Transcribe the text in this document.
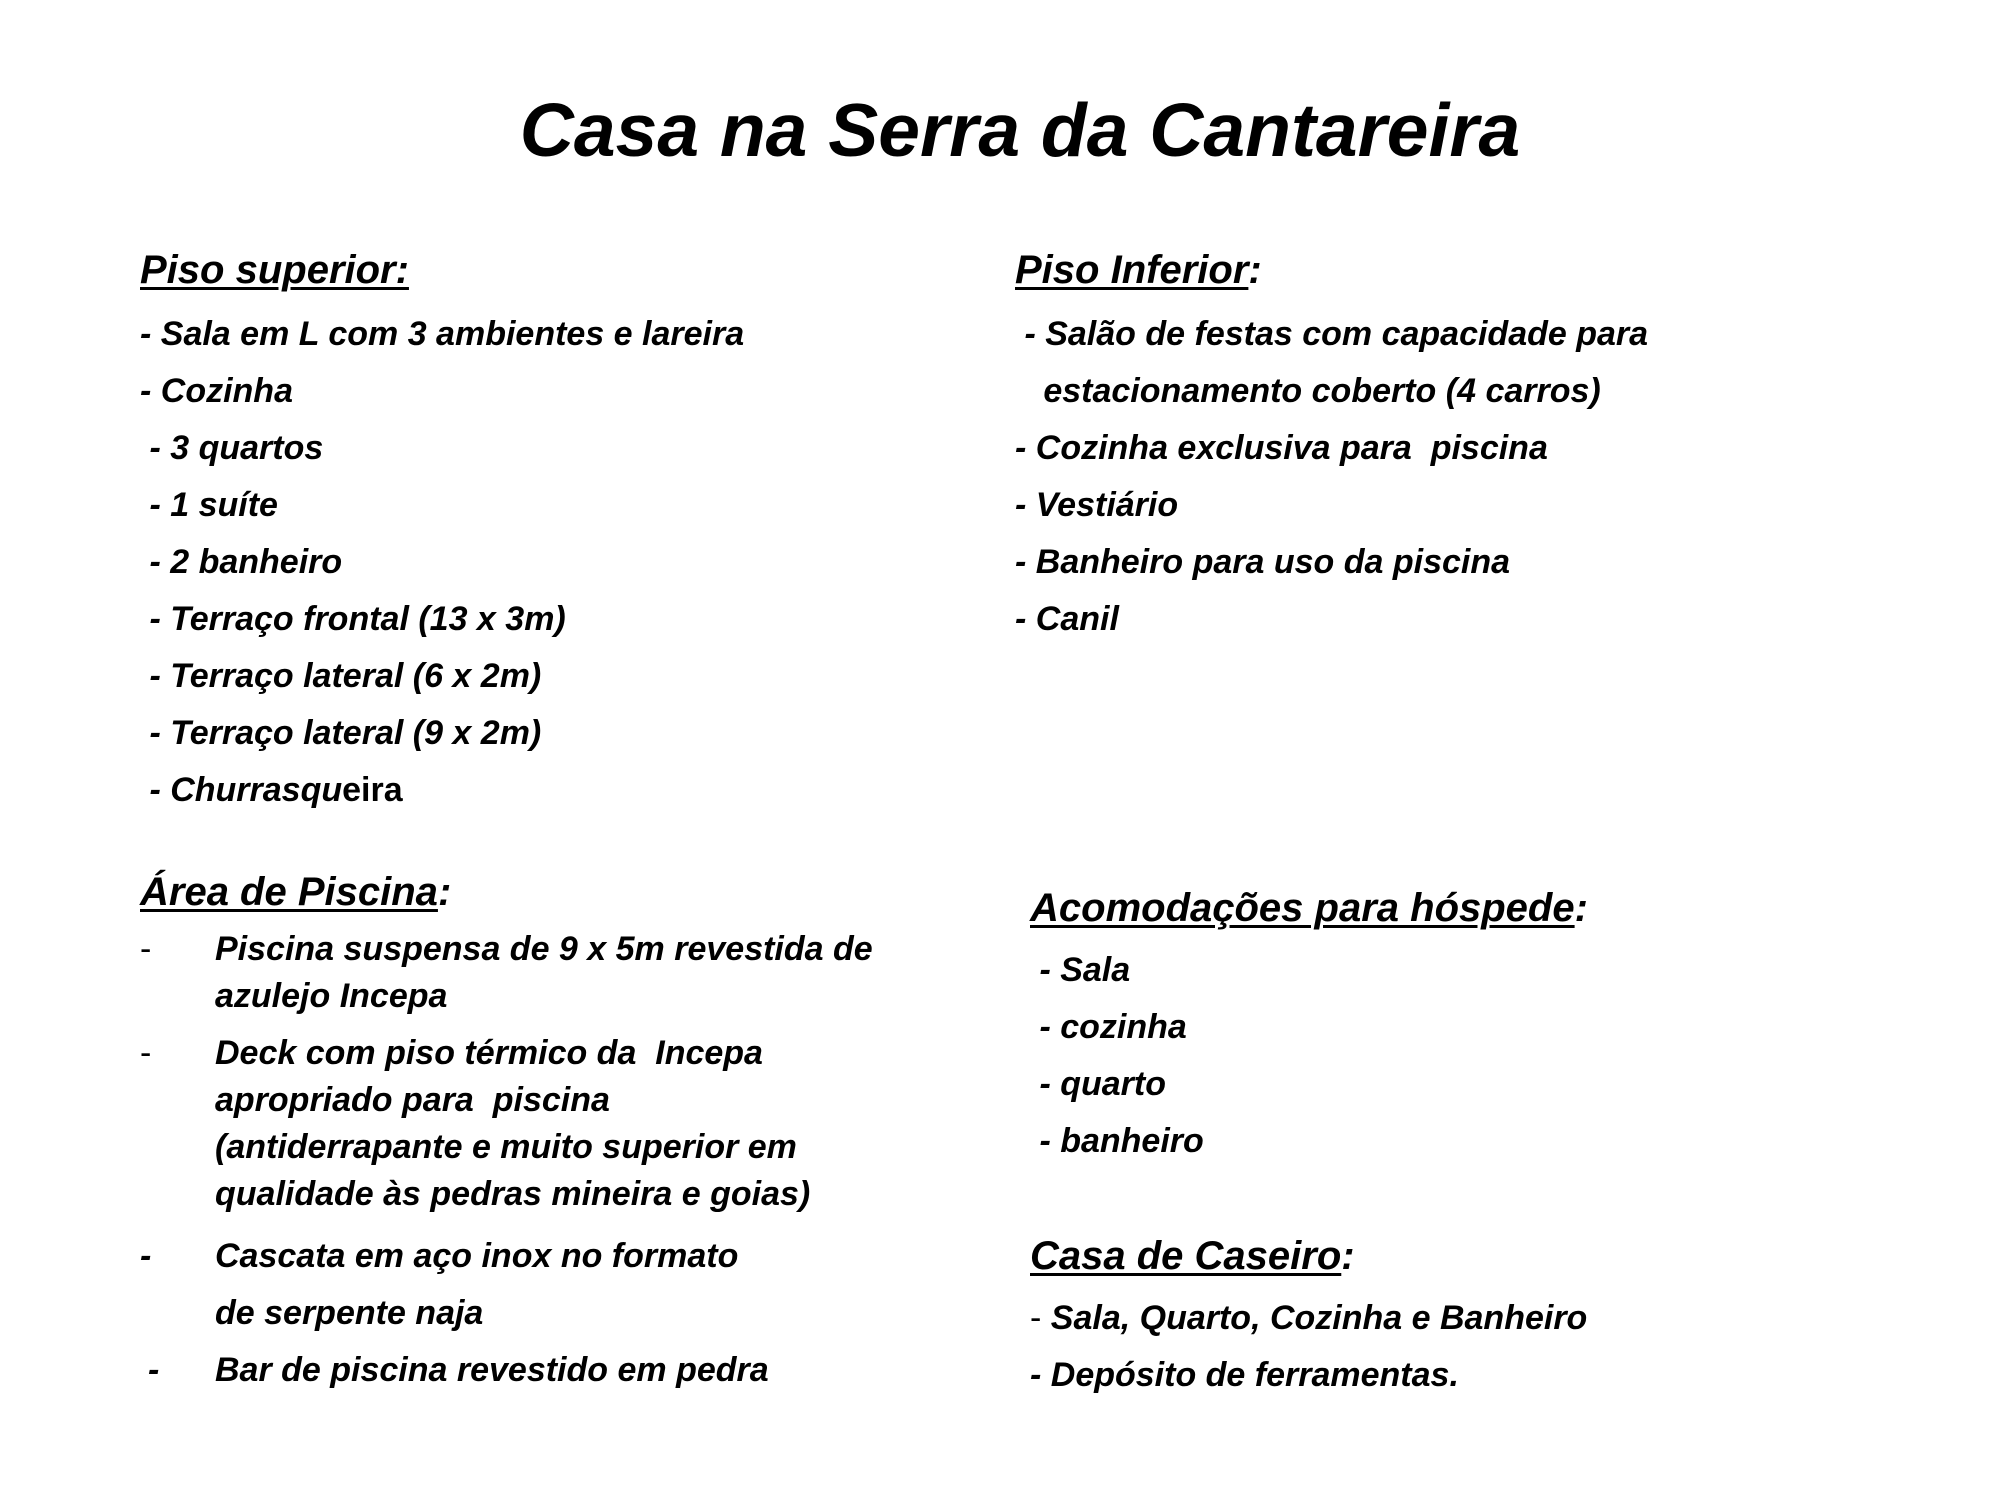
Casa na Serra da Cantareira

Piso superior:

- Sala em L com 3 ambientes e lareira

- Cozinha

- 3 quartos

- 1 suíte

- 2 banheiro

- Terraço frontal (13 x 3m)

- Terraço lateral (6 x 2m)

- Terraço lateral (9 x 2m)

- Churrasqueira

Piso Inferior:

- Salão de festas com capacidade para

estacionamento coberto (4 carros)

- Cozinha exclusiva para  piscina

- Vestiário

- Banheiro para uso da piscina

- Canil

Área de Piscina:

- Piscina suspensa de 9 x 5m revestida de azulejo Incepa
- Deck com piso térmico da  Incepa apropriado para  piscina       (antiderrapante e muito superior em qualidade às pedras mineira e goias)
- Cascata em aço inox no formato de serpente naja
- Bar de piscina revestido em pedra

Acomodações para hóspede:

- Sala

- cozinha

- quarto

- banheiro

Casa de Caseiro:

- Sala, Quarto, Cozinha e Banheiro

- Depósito de ferramentas.
